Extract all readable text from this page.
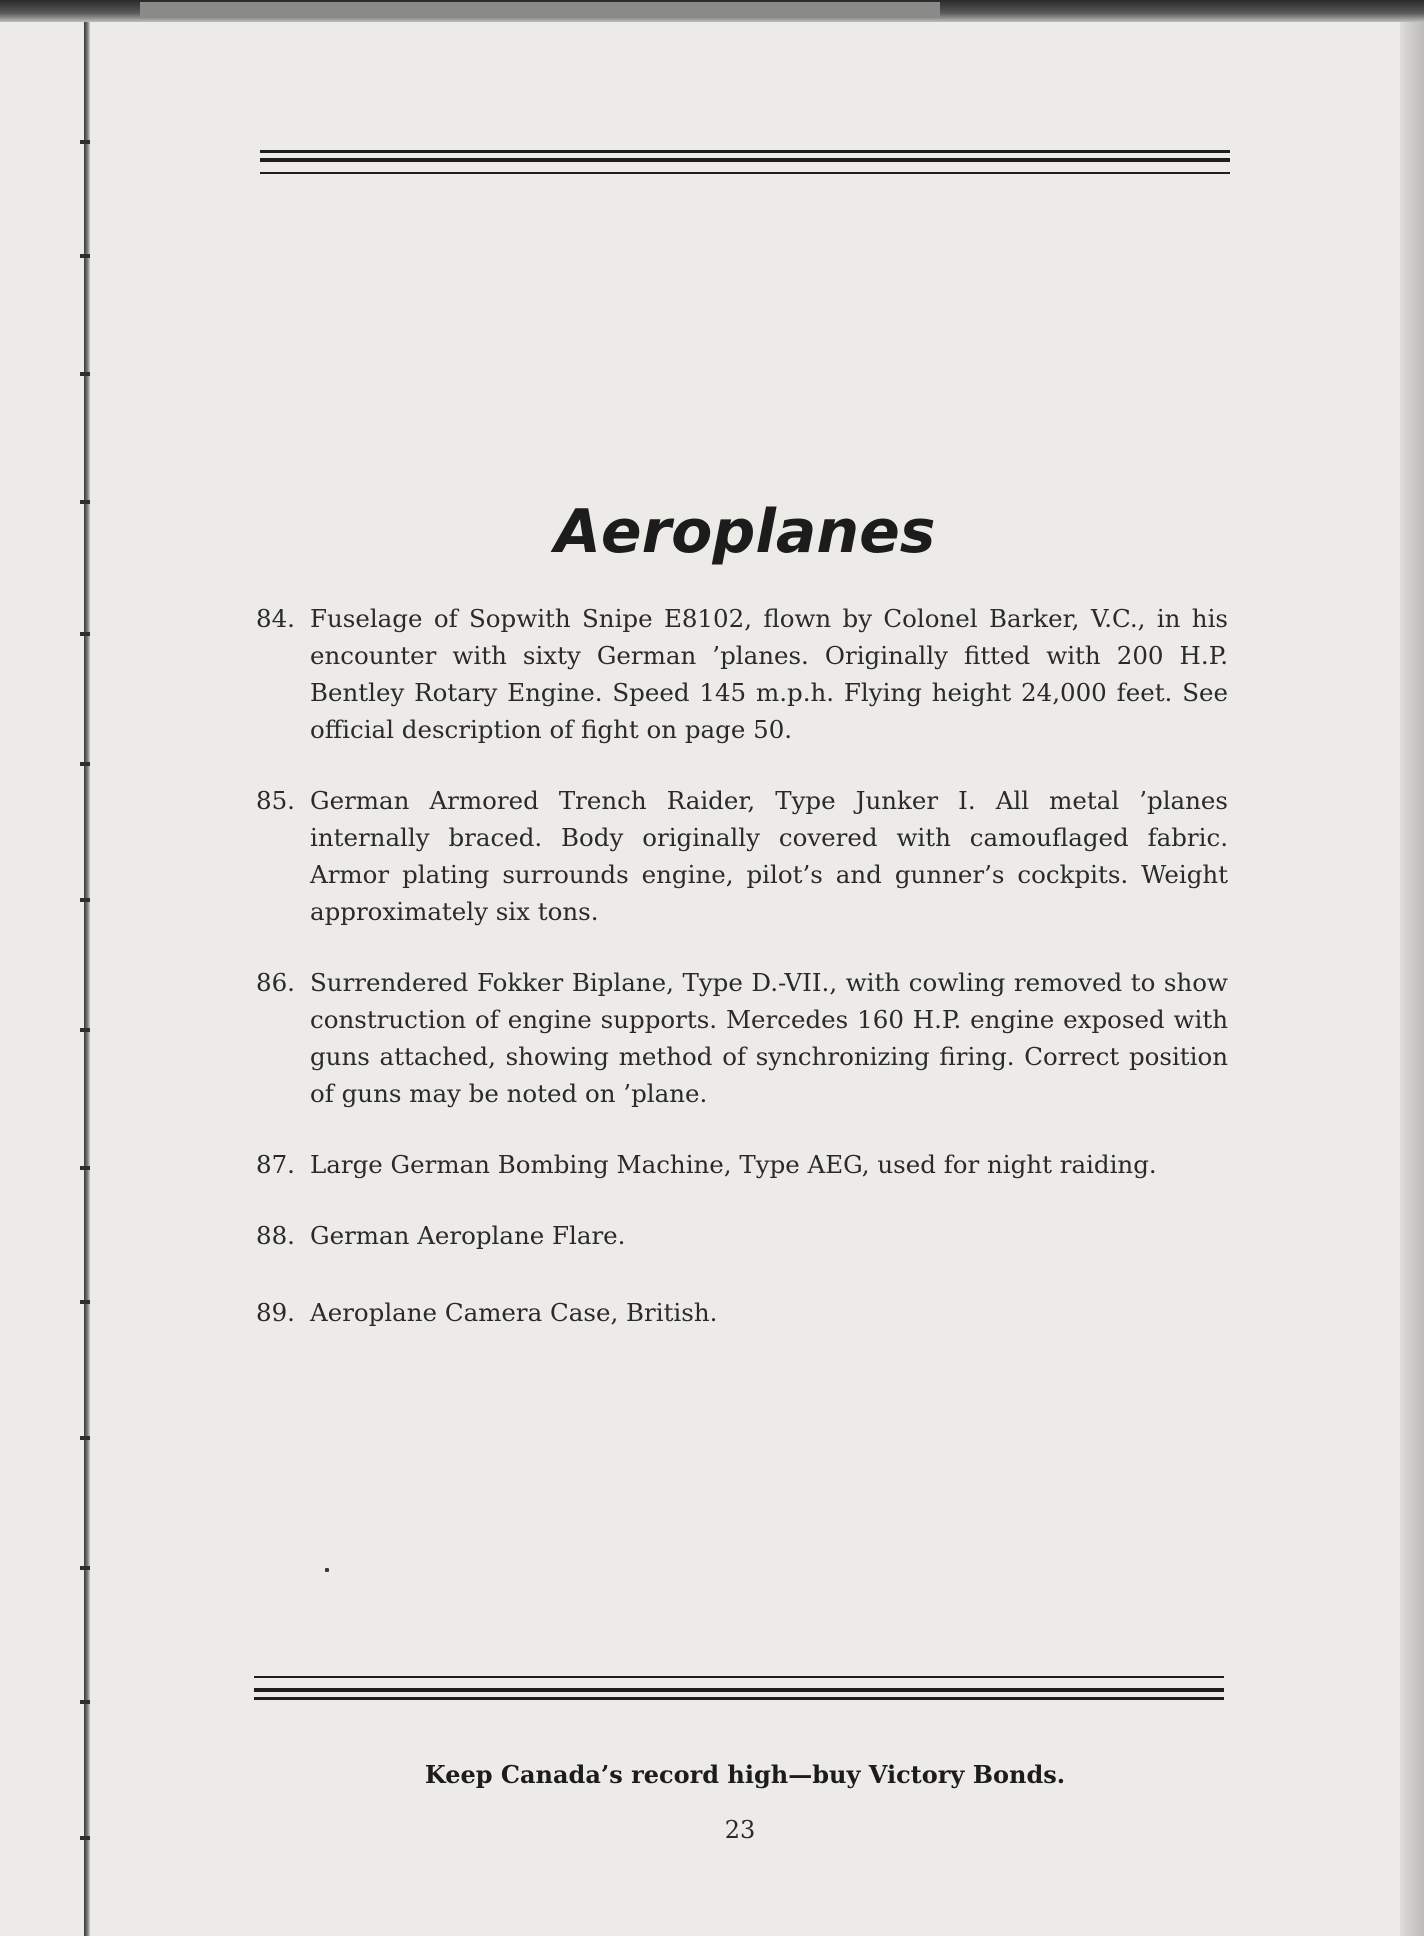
Aeroplanes
84. Fuselage of Sopwith Snipe E8102, flown by Colonel Barker, V.C., in his encounter with sixty German ’planes. Originally fitted with 200 H.P. Bentley Rotary Engine. Speed 145 m.p.h. Flying height 24,000 feet. See official description of fight on page 50.
85. German Armored Trench Raider, Type Junker I. All metal ’planes internally braced. Body originally covered with camouflaged fabric. Armor plating surrounds engine, pilot’s and gunner’s cockpits. Weight approximately six tons.
86. Surrendered Fokker Biplane, Type D.-VII., with cowling removed to show construction of engine supports. Mercedes 160 H.P. engine exposed with guns attached, showing method of synchronizing firing. Correct position of guns may be noted on ’plane.
87. Large German Bombing Machine, Type AEG, used for night raiding.
88. German Aeroplane Flare.
89. Aeroplane Camera Case, British.
Keep Canada’s record high—buy Victory Bonds.
23
